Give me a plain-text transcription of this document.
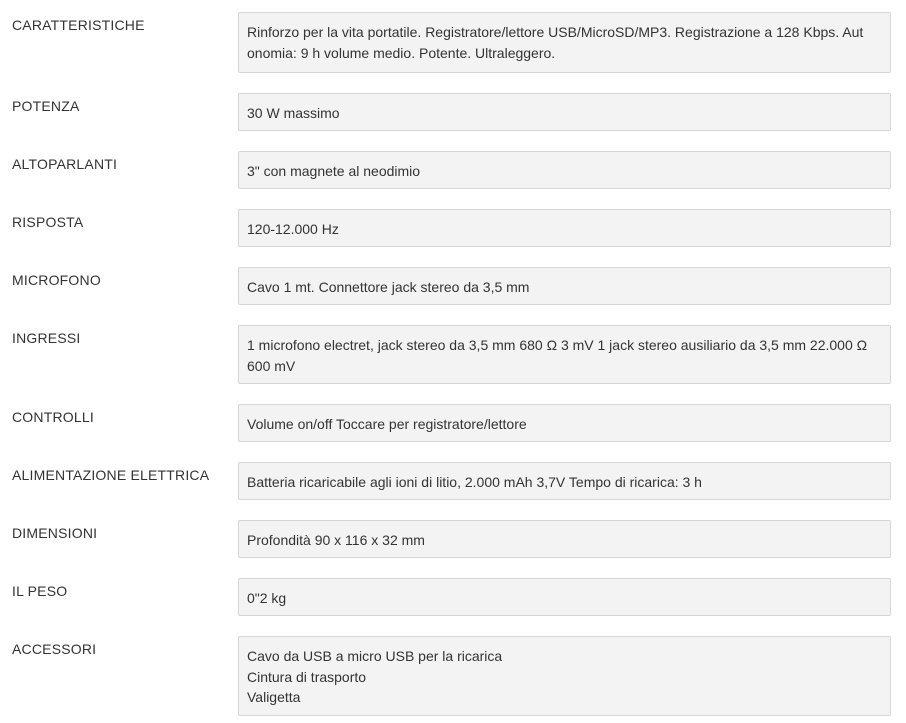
CARATTERISTICHE	Rinforzo per la vita portatile. Registratore/lettore USB/MicroSD/MP3. Registrazione a 128 Kbps. Aut onomia: 9 h volume medio. Potente. Ultraleggero.
POTENZA	30 W massimo
ALTOPARLANTI	3" con magnete al neodimio
RISPOSTA	120-12.000 Hz
MICROFONO	Cavo 1 mt. Connettore jack stereo da 3,5 mm
INGRESSI	1 microfono electret, jack stereo da 3,5 mm 680 Ω 3 mV 1 jack stereo ausiliario da 3,5 mm 22.000 Ω 600 mV
CONTROLLI	Volume on/off Toccare per registratore/lettore
ALIMENTAZIONE ELETTRICA	Batteria ricaricabile agli ioni di litio, 2.000 mAh 3,7V Tempo di ricarica: 3 h
DIMENSIONI	Profondità 90 x 116 x 32 mm
IL PESO	0"2 kg
ACCESSORI	Cavo da USB a micro USB per la ricarica
Cintura di trasporto
Valigetta
